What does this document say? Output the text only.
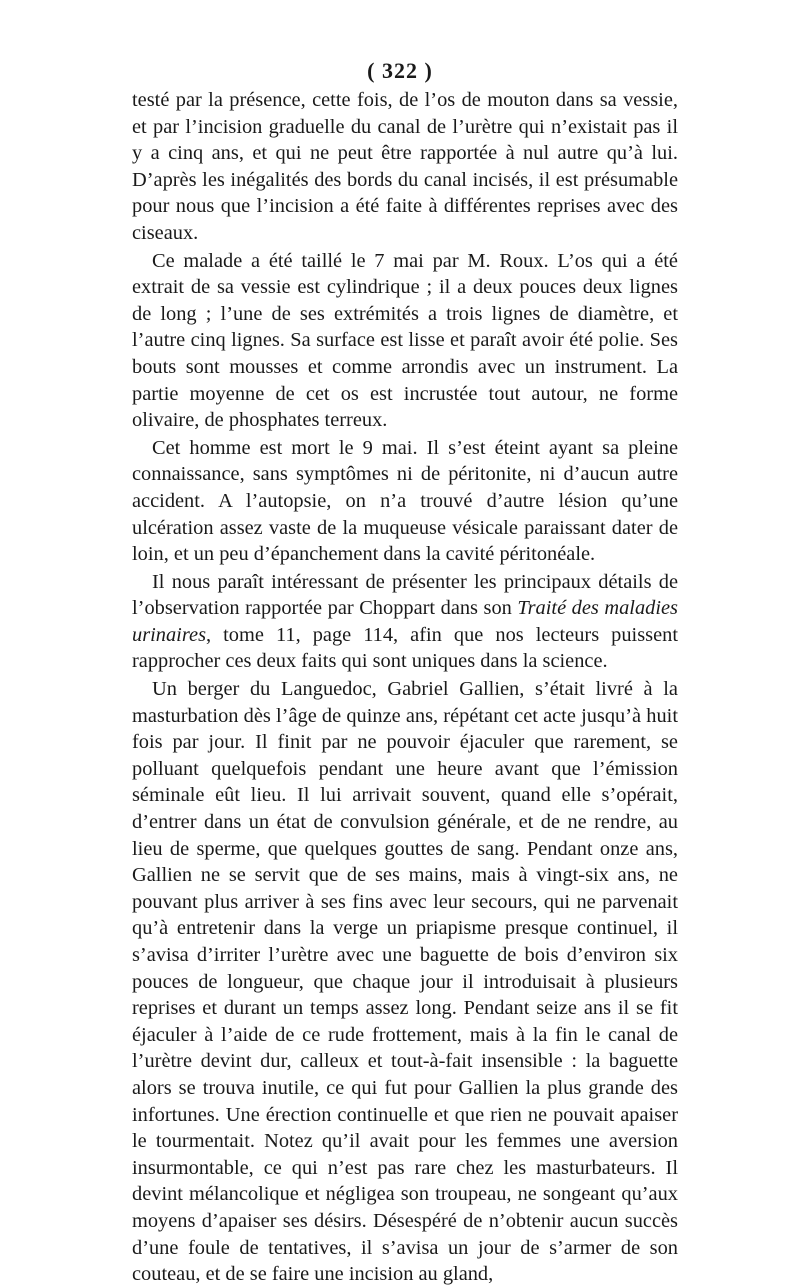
( 322 )

testé par la présence, cette fois, de l’os de mouton dans sa vessie, et par l’incision graduelle du canal de l’urètre qui n’existait pas il y a cinq ans, et qui ne peut être rapportée à nul autre qu’à lui. D’après les inégalités des bords du canal incisés, il est présumable pour nous que l’incision a été faite à différentes reprises avec des ciseaux.

Ce malade a été taillé le 7 mai par M. Roux. L’os qui a été extrait de sa vessie est cylindrique ; il a deux pouces deux lignes de long ; l’une de ses extrémités a trois lignes de diamètre, et l’autre cinq lignes. Sa surface est lisse et paraît avoir été polie. Ses bouts sont mousses et comme arrondis avec un instrument. La partie moyenne de cet os est incrustée tout autour, ne forme olivaire, de phosphates terreux.

Cet homme est mort le 9 mai. Il s’est éteint ayant sa pleine connaissance, sans symptômes ni de péritonite, ni d’aucun autre accident. A l’autopsie, on n’a trouvé d’autre lésion qu’une ulcération assez vaste de la muqueuse vésicale paraissant dater de loin, et un peu d’épanchement dans la cavité péritonéale.

Il nous paraît intéressant de présenter les principaux détails de l’observation rapportée par Choppart dans son Traité des maladies urinaires, tome 11, page 114, afin que nos lecteurs puissent rapprocher ces deux faits qui sont uniques dans la science.

Un berger du Languedoc, Gabriel Gallien, s’était livré à la masturbation dès l’âge de quinze ans, répétant cet acte jusqu’à huit fois par jour. Il finit par ne pouvoir éjaculer que rarement, se polluant quelquefois pendant une heure avant que l’émission séminale eût lieu. Il lui arrivait souvent, quand elle s’opérait, d’entrer dans un état de convulsion générale, et de ne rendre, au lieu de sperme, que quelques gouttes de sang. Pendant onze ans, Gallien ne se servit que de ses mains, mais à vingt-six ans, ne pouvant plus arriver à ses fins avec leur secours, qui ne parvenait qu’à entretenir dans la verge un priapisme presque continuel, il s’avisa d’irriter l’urètre avec une baguette de bois d’environ six pouces de longueur, que chaque jour il introduisait à plusieurs reprises et durant un temps assez long. Pendant seize ans il se fit éjaculer à l’aide de ce rude frottement, mais à la fin le canal de l’urètre devint dur, calleux et tout-à-fait insensible : la baguette alors se trouva inutile, ce qui fut pour Gallien la plus grande des infortunes. Une érection continuelle et que rien ne pouvait apaiser le tourmentait. Notez qu’il avait pour les femmes une aversion insurmontable, ce qui n’est pas rare chez les masturbateurs. Il devint mélancolique et négligea son troupeau, ne songeant qu’aux moyens d’apaiser ses désirs. Désespéré de n’obtenir aucun succès d’une foule de tentatives, il s’avisa un jour de s’armer de son couteau, et de se faire une incision au gland,
